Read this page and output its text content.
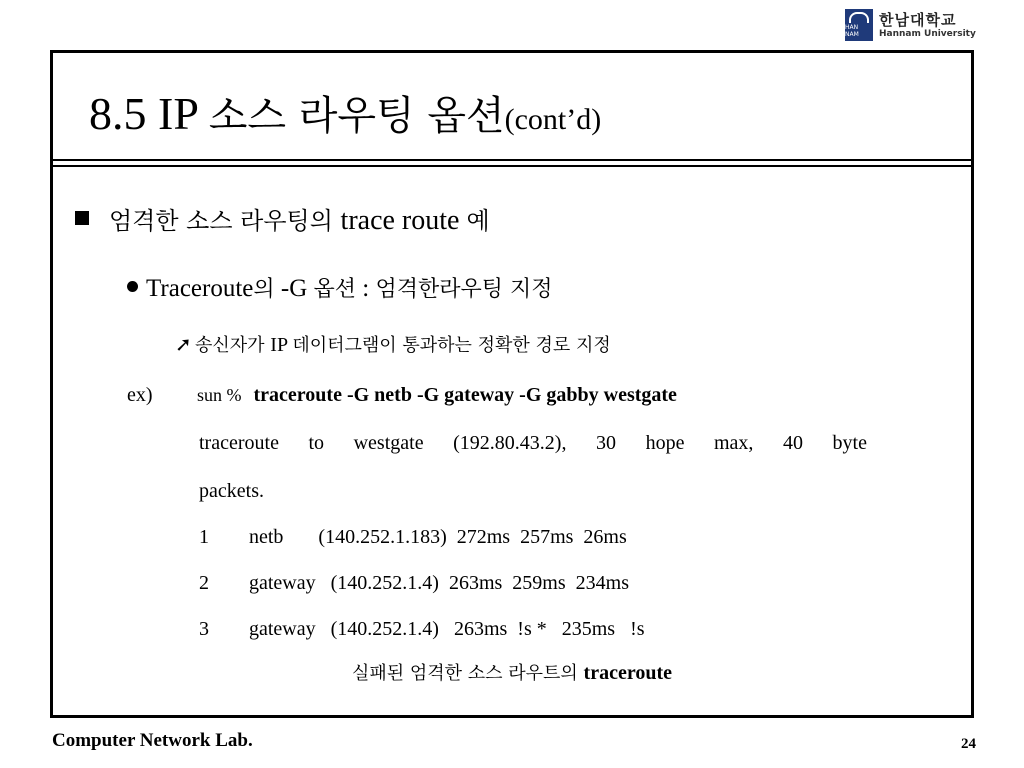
HAN NAM
한남대학교
Hannam University
8.5 IP 소스 라우팅 옵션(cont’d)
엄격한 소스 라우팅의 trace route 예
Traceroute의 -G 옵션 : 엄격한라우팅 지정
➚ 송신자가 IP 데이터그램이 통과하는 정확한 경로 지정
ex) sun % traceroute -G netb -G gateway -G gabby westgate
traceroute to westgate (192.80.43.2), 30 hope max, 40 byte
packets.
1 netb       (140.252.1.183)  272ms  257ms  26ms
2 gateway   (140.252.1.4)  263ms  259ms  234ms
3 gateway   (140.252.1.4)   263ms  !s *   235ms   !s
실패된 엄격한 소스 라우트의 traceroute
Computer Network Lab.	24
